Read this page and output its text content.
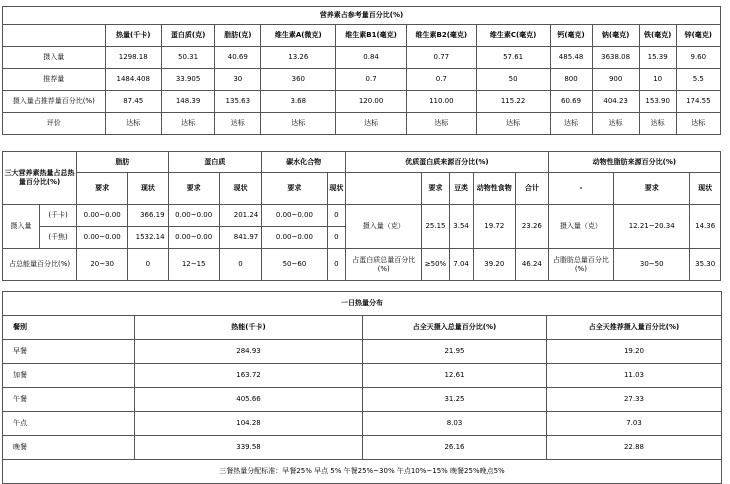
营养素占参考量百分比(%)											
	热量(千卡)	蛋白质(克)	脂肪(克)	维生素A(微克)	维生素B1(毫克)	维生素B2(毫克)	维生素C(毫克)	钙(毫克)	钠(毫克)	铁(毫克)	锌(毫克)
摄入量	1298.18	50.31	40.69	13.26	0.84	0.77	57.61	485.48	3638.08	15.39	9.60
推荐量	1484.408	33.905	30	360	0.7	0.7	50	800	900	10	5.5
摄入量占推荐量百分比(%)	87.45	148.39	135.63	3.68	120.00	110.00	115.22	60.69	404.23	153.90	174.55
评价	达标	达标	达标	达标	达标	达标	达标	达标	达标	达标	达标
三大营养素热量占总热量百分比(%)		脂肪		蛋白质		碳水化合物		优质蛋白质来源百分比(%)					动物性脂肪来源百分比(%)		
		要求	现状	要求	现状	要求	现状		要求	豆类	动物性食物	合计	-	要求	现状
摄入量	(千卡)	0.00~0.00	366.19	0.00~0.00	201.24	0.00~0.00	0	摄入量（克）	25.15	3.54	19.72	23.26	摄入量（克）	12.21~20.34	14.36
	(千焦)	0.00~0.00	1532.14	0.00~0.00	841.97	0.00~0.00	0								
占总能量百分比(%)		20~30	0	12~15	0	50~60	0	占蛋白质总量百分比(%)	≥50%	7.04	39.20	46.24	占脂肪总量百分比(%)	30~50	35.30
一日热量分布			
餐别	热能(千卡)	占全天摄入总量百分比(%)	占全天推荐摄入量百分比(%)
早餐	284.93	21.95	19.20
加餐	163.72	12.61	11.03
午餐	405.66	31.25	27.33
午点	104.28	8.03	7.03
晚餐	339.58	26.16	22.88
三餐热量分配标准：早餐25% 早点 5% 午餐25%~30% 午点10%~15% 晚餐25%晚点5%			
